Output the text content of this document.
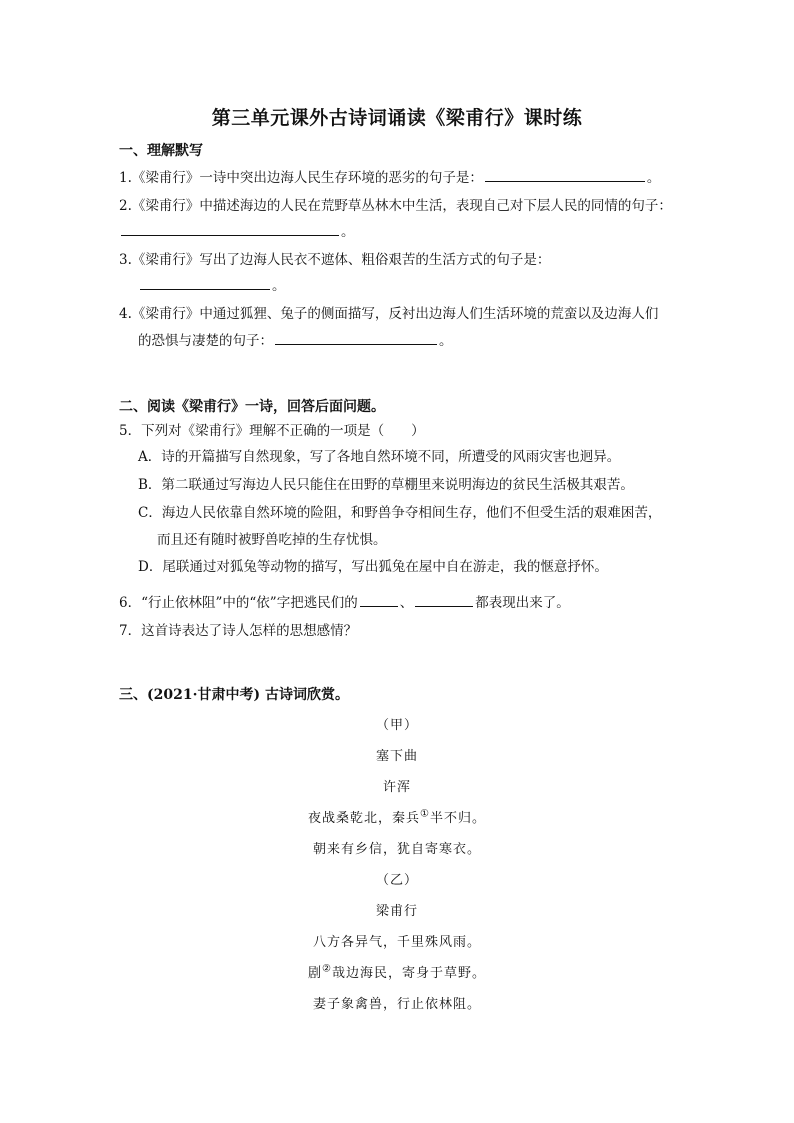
第三单元课外古诗词诵读《梁甫行》课时练
一、理解默写
1.《梁甫行》一诗中突出边海人民生存环境的恶劣的句子是：	。
2.《梁甫行》中描述海边的人民在荒野草丛林木中生活，表现自己对下层人民的同情的句子：
。
3.《梁甫行》写出了边海人民衣不遮体、粗俗艰苦的生活方式的句子是：
。
4.《梁甫行》中通过狐狸、兔子的侧面描写，反衬出边海人们生活环境的荒蛮以及边海人们
的恐惧与凄楚的句子：	。
二、阅读《梁甫行》一诗，回答后面问题。
5．下列对《梁甫行》理解不正确的一项是（　　）
A．诗的开篇描写自然现象，写了各地自然环境不同，所遭受的风雨灾害也迥异。
B．第二联通过写海边人民只能住在田野的草棚里来说明海边的贫民生活极其艰苦。
C．海边人民依靠自然环境的险阻，和野兽争夺相间生存，他们不但受生活的艰难困苦，
而且还有随时被野兽吃掉的生存忧惧。
D．尾联通过对狐兔等动物的描写，写出狐兔在屋中自在游走，我的惬意抒怀。
6．“行止依林阻”中的“依”字把逃民们的	、	都表现出来了。
7．这首诗表达了诗人怎样的思想感情？
三、(2021·甘肃中考) 古诗词欣赏。
（甲）
塞下曲
许浑
夜战桑乾北，秦兵①半不归。
朝来有乡信，犹自寄寒衣。
（乙）
梁甫行
八方各异气，千里殊风雨。
剧②哉边海民，寄身于草野。
妻子象禽兽，行止依林阻。
